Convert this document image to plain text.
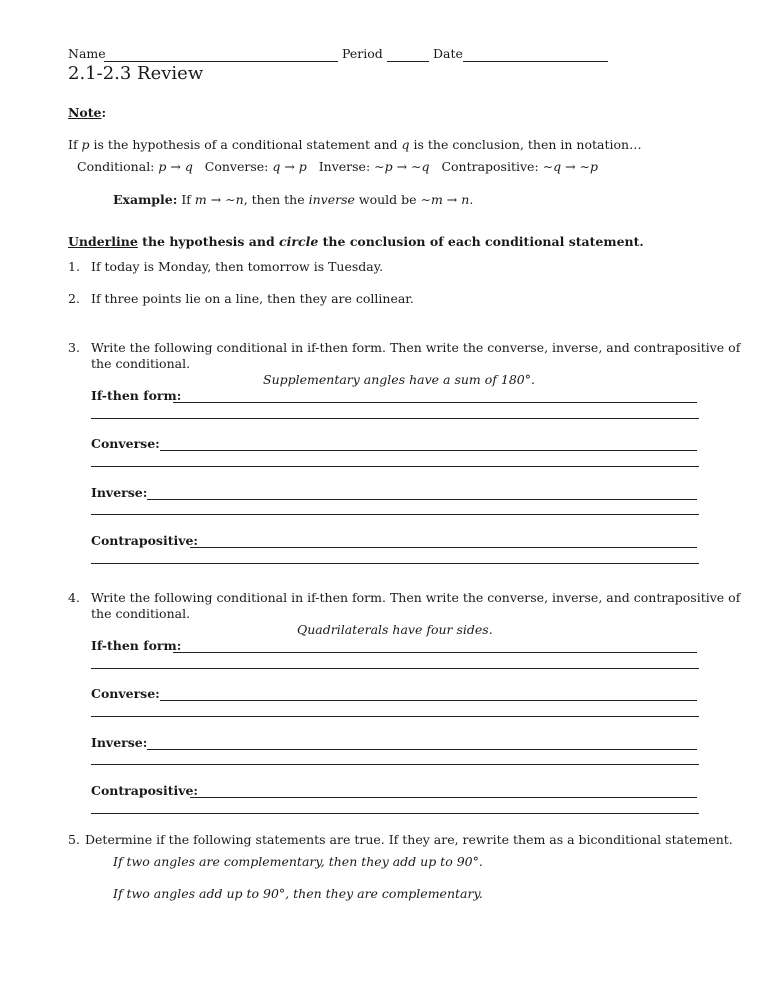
Name	Period	Date
2.1-2.3 Review
Note:
If p is the hypothesis of a conditional statement and q is the conclusion, then in notation…
Conditional: p → q Converse: q → p Inverse: ∼p → ∼q Contrapositive: ∼q → ∼p
Example: If m → ∼n, then the inverse would be ∼m → n.
Underline the hypothesis and circle the conclusion of each conditional statement.
1. If today is Monday, then tomorrow is Tuesday.
2. If three points lie on a line, then they are collinear.
3. Write the following conditional in if-then form. Then write the converse, inverse, and contrapositive of
the conditional.
Supplementary angles have a sum of 180°.
If-then form:
Converse:
Inverse:
Contrapositive:
4. Write the following conditional in if-then form. Then write the converse, inverse, and contrapositive of
the conditional.
Quadrilaterals have four sides.
If-then form:
Converse:
Inverse:
Contrapositive:
5. Determine if the following statements are true. If they are, rewrite them as a biconditional statement.
If two angles are complementary, then they add up to 90°.
If two angles add up to 90°, then they are complementary.
